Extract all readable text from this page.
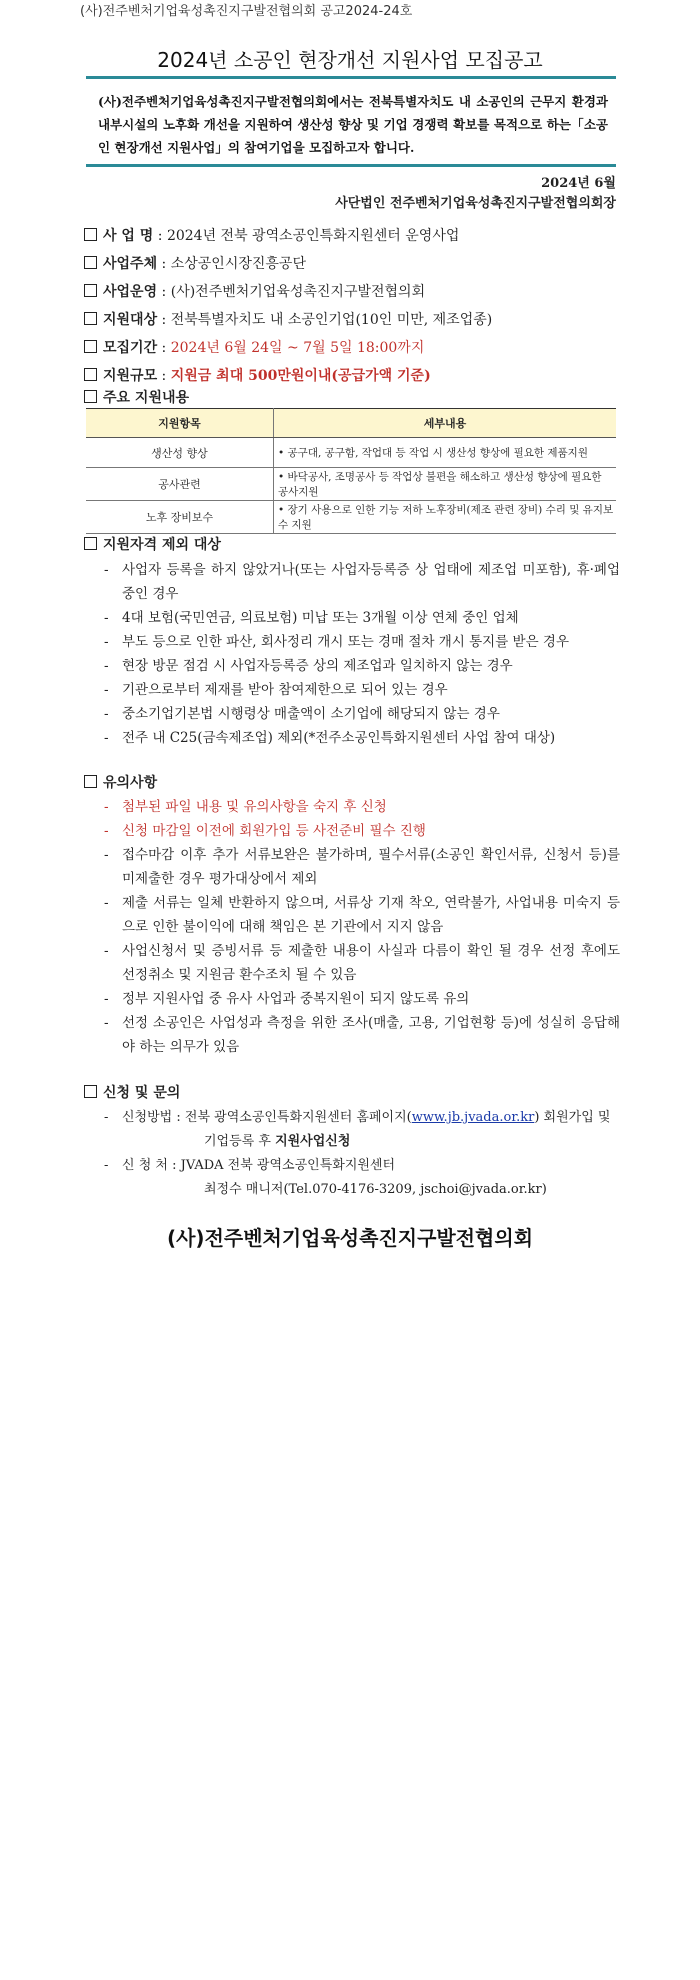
(사)전주벤처기업육성촉진지구발전협의회 공고2024-24호
2024년 소공인 현장개선 지원사업 모집공고
(사)전주벤처기업육성촉진지구발전협의회에서는 전북특별자치도 내 소공인의 근무지 환경과 내부시설의 노후화 개선을 지원하여 생산성 향상 및 기업 경쟁력 확보를 목적으로 하는「소공인 현장개선 지원사업」의 참여기업을 모집하고자 합니다.
2024년 6월
사단법인 전주벤처기업육성촉진지구발전협의회장
사 업 명 : 2024년 전북 광역소공인특화지원센터 운영사업
사업주체 : 소상공인시장진흥공단
사업운영 : (사)전주벤처기업육성촉진지구발전협의회
지원대상 : 전북특별자치도 내 소공인기업(10인 미만, 제조업종)
모집기간 : 2024년 6월 24일 ~ 7월 5일 18:00까지
지원규모 : 지원금 최대 500만원이내(공급가액 기준)
주요 지원내용
지원항목	세부내용
생산성 향상	• 공구대, 공구함, 작업대 등 작업 시 생산성 향상에 필요한 제품지원
공사관련	• 바닥공사, 조명공사 등 작업상 불편을 해소하고 생산성 향상에 필요한 공사지원
노후 장비보수	• 장기 사용으로 인한 기능 저하 노후장비(제조 관련 장비) 수리 및 유지보수 지원
지원자격 제외 대상
- 사업자 등록을 하지 않았거나(또는 사업자등록증 상 업태에 제조업 미포함), 휴·폐업 중인 경우
- 4대 보험(국민연금, 의료보험) 미납 또는 3개월 이상 연체 중인 업체
- 부도 등으로 인한 파산, 회사정리 개시 또는 경매 절차 개시 통지를 받은 경우
- 현장 방문 점검 시 사업자등록증 상의 제조업과 일치하지 않는 경우
- 기관으로부터 제재를 받아 참여제한으로 되어 있는 경우
- 중소기업기본법 시행령상 매출액이 소기업에 해당되지 않는 경우
- 전주 내 C25(금속제조업) 제외(*전주소공인특화지원센터 사업 참여 대상)
유의사항
- 첨부된 파일 내용 및 유의사항을 숙지 후 신청
- 신청 마감일 이전에 회원가입 등 사전준비 필수 진행
- 접수마감 이후 추가 서류보완은 불가하며, 필수서류(소공인 확인서류, 신청서 등)를 미제출한 경우 평가대상에서 제외
- 제출 서류는 일체 반환하지 않으며, 서류상 기재 착오, 연락불가, 사업내용 미숙지 등으로 인한 불이익에 대해 책임은 본 기관에서 지지 않음
- 사업신청서 및 증빙서류 등 제출한 내용이 사실과 다름이 확인 될 경우 선정 후에도 선정취소 및 지원금 환수조치 될 수 있음
- 정부 지원사업 중 유사 사업과 중복지원이 되지 않도록 유의
- 선정 소공인은 사업성과 측정을 위한 조사(매출, 고용, 기업현황 등)에 성실히 응답해야 하는 의무가 있음
신청 및 문의
- 신청방법 : 전북 광역소공인특화지원센터 홈페이지(www.jb.jvada.or.kr) 회원가입 및
기업등록 후 지원사업신청
- 신 청 처 : JVADA 전북 광역소공인특화지원센터
최정수 매니저(Tel.070-4176-3209, jschoi@jvada.or.kr)
(사)전주벤처기업육성촉진지구발전협의회
